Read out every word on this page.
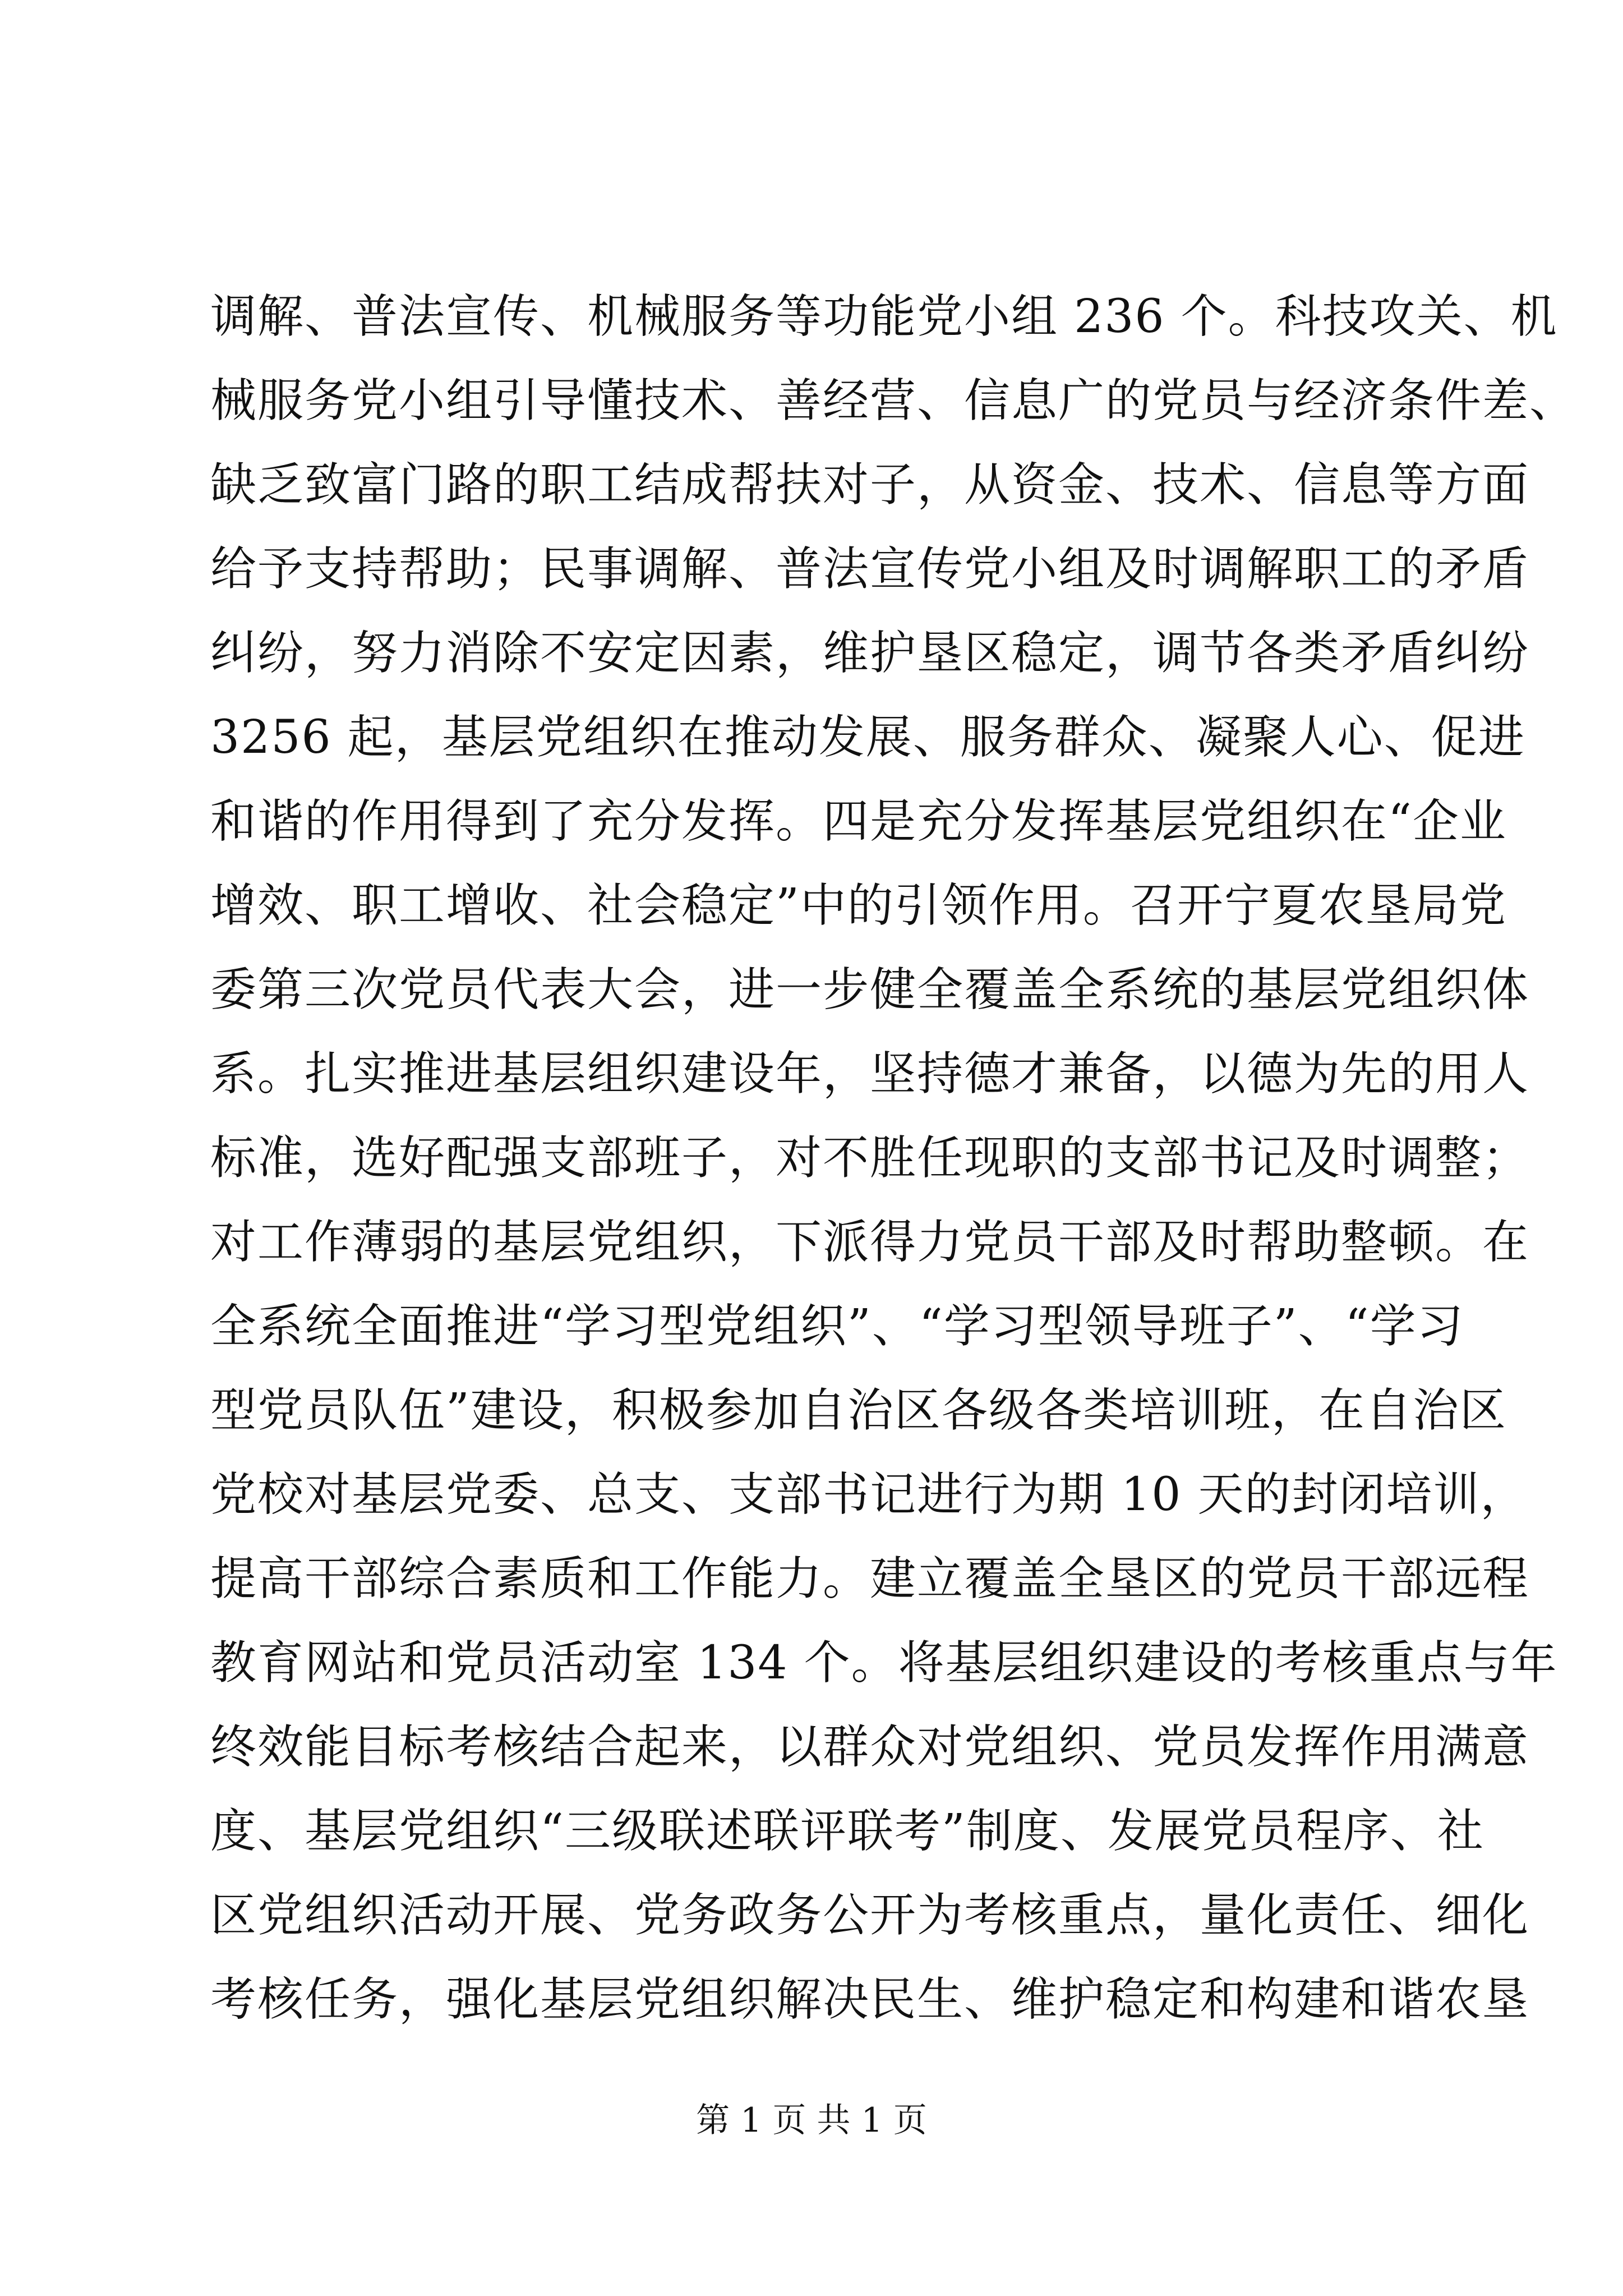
调解、普法宣传、机械服务等功能党小组 236 个。科技攻关、机
械服务党小组引导懂技术、善经营、信息广的党员与经济条件差、
缺乏致富门路的职工结成帮扶对子，从资金、技术、信息等方面
给予支持帮助；民事调解、普法宣传党小组及时调解职工的矛盾
纠纷，努力消除不安定因素，维护垦区稳定，调节各类矛盾纠纷
3256 起，基层党组织在推动发展、服务群众、凝聚人心、促进
和谐的作用得到了充分发挥。四是充分发挥基层党组织在“企业
增效、职工增收、社会稳定”中的引领作用。召开宁夏农垦局党
委第三次党员代表大会，进一步健全覆盖全系统的基层党组织体
系。扎实推进基层组织建设年，坚持德才兼备，以德为先的用人
标准，选好配强支部班子，对不胜任现职的支部书记及时调整；
对工作薄弱的基层党组织，下派得力党员干部及时帮助整顿。在
全系统全面推进“学习型党组织”、“学习型领导班子”、“学习
型党员队伍”建设，积极参加自治区各级各类培训班，在自治区
党校对基层党委、总支、支部书记进行为期 10 天的封闭培训，
提高干部综合素质和工作能力。建立覆盖全垦区的党员干部远程
教育网站和党员活动室 134 个。将基层组织建设的考核重点与年
终效能目标考核结合起来，以群众对党组织、党员发挥作用满意
度、基层党组织“三级联述联评联考”制度、发展党员程序、社
区党组织活动开展、党务政务公开为考核重点，量化责任、细化
考核任务，强化基层党组织解决民生、维护稳定和构建和谐农垦
第 1 页 共 1 页
